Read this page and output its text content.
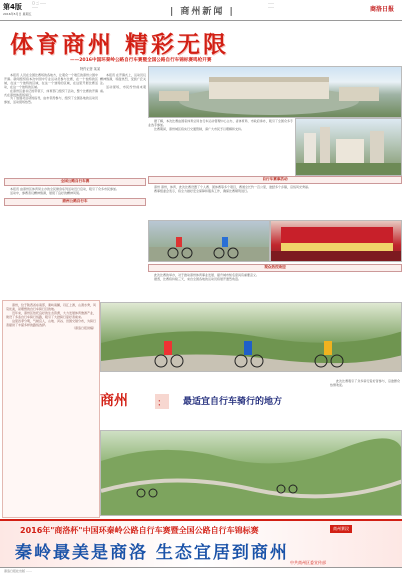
第4版
2016年5月日 星期五
〇 二 ……
……
| 商州新闻 |
……
……	商洛日报
体育商州 精彩无限
——2016中国环秦岭公路自行车赛暨全国公路自行车锦标赛鸣枪开赛
特约记者 某某

本报讯 人员在全国比赛场的各地方，让观众一个难忘的商州公园中开幕。新闻组织将本次中国中专业运动员参与比赛，在一个独特的区域，在这一个独特的区域，在这一个独特的区域，在这里开展比赛活动，在这一个独特的区域。

在商州区委书记的带领下，体育部门组织了活动，整个比赛的开幕式在商州体育场举行。

为了加强对活动的指导，由市领导参与，组织了全国各地的运动员参加，活动现场热烈。

本报讯 在开幕式上，运动员们精神饱满，场面热烈，受到广泛关注。

活动现场，市民纷纷前来观看。

据了解，本次比赛由国家体育总局自行车运动管理中心主办，省体育局、市政府承办，吸引了全国众多专业选手参加。

比赛期间，商州城区将实行交通管制，请广大市民予以理解和支持。

自行车赛事活动

商州 商州，体育，此次比赛设置了个人赛、团体赛等多个项目，赛道全长约一百公里，途经多个乡镇，沿线风光秀丽。

赛事组委会表示，将全力做好安全保障和服务工作，确保比赛顺利进行。

全国公路自行车赛

本报讯 由商州区体育局主办的全民健身系列活动近日启动，吸引了众多市民参加。

活动中，参赛者们精神饱满，展现了良好的精神风貌。

商州公路自行车
观众热烈欢迎

此次比赛的举办，对于推动商州体育事业发展、提升城市知名度具有重要意义。

据悉，比赛将持续三天，来自全国各地的运动员将展开激烈角逐。

商州，位于陕西省东南部，秦岭南麓，丹江上游，山清水秀，风景优美，是理想的自行车骑行目的地。

近年来，商州区依托良好的生态资源，大力发展体育旅游产业，建设了多条自行车骑行线路，吸引了大批骑行爱好者前来。

这里四季分明，气候宜人，山地、河谷、田园交错分布，为骑行者提供了丰富多样的路线选择。

（商洛日报供稿）

商州	： 最适宜自行车骑行的地方

此次比赛吸引了众多骑行爱好者参与，沿途群众热情欢迎。

2016年"商洛杯"中国环秦岭公路自行车赛暨全国公路自行车锦标赛	商州赛段
秦岭最美是商洛 生态宜居到商州 中共商州区委宣传部
商洛日报社出版 ……
